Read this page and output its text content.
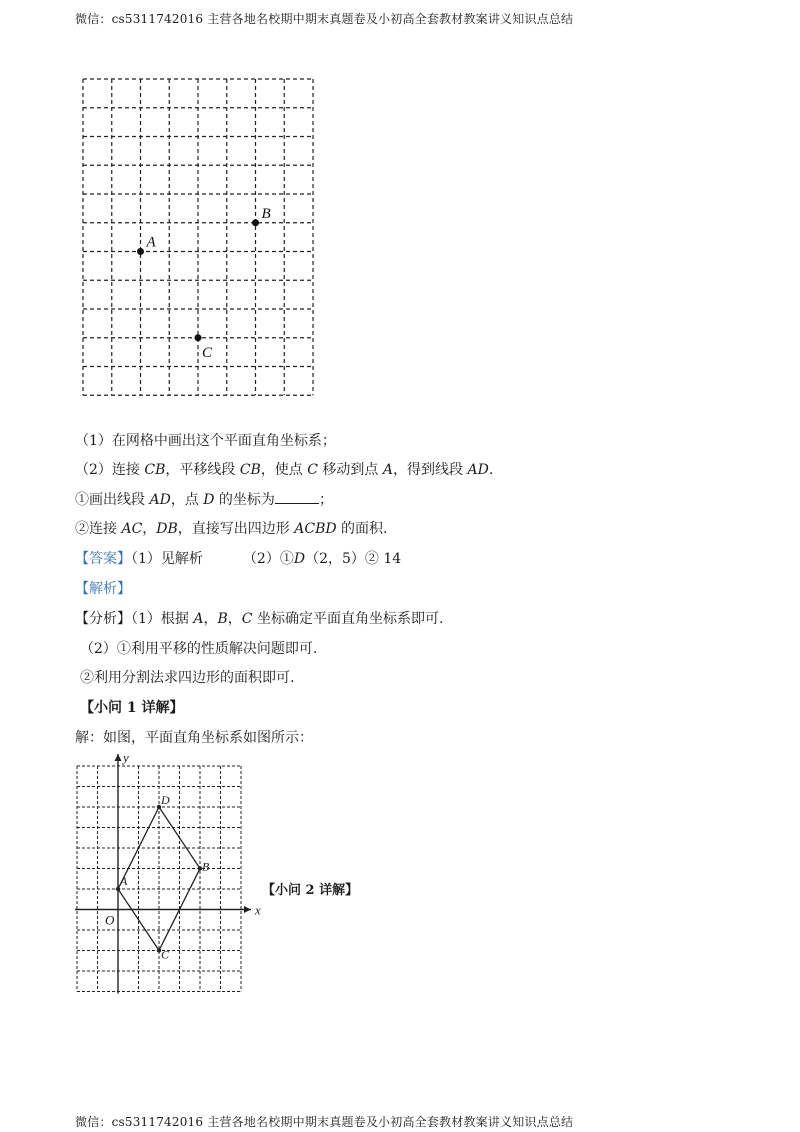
微信：cs5311742016 主营各地名校期中期末真题卷及小初高全套教材教案讲义知识点总结
A
B
C
（1）在网格中画出这个平面直角坐标系；
（2）连接 CB，平移线段 CB，使点 C 移动到点 A，得到线段 AD.
①画出线段 AD，点 D 的坐标为	；
②连接 AC，DB，直接写出四边形 ACBD 的面积.
【答案】（1）见解析	（2）①D（2，5）② 14
【解析】
【分析】（1）根据 A，B，C 坐标确定平面直角坐标系即可.
（2）①利用平移的性质解决问题即可.
②利用分割法求四边形的面积即可.
【小问 1 详解】
解：如图，平面直角坐标系如图所示：
x
y
O
A
B
C
D
【小问 2 详解】
微信：cs5311742016 主营各地名校期中期末真题卷及小初高全套教材教案讲义知识点总结
